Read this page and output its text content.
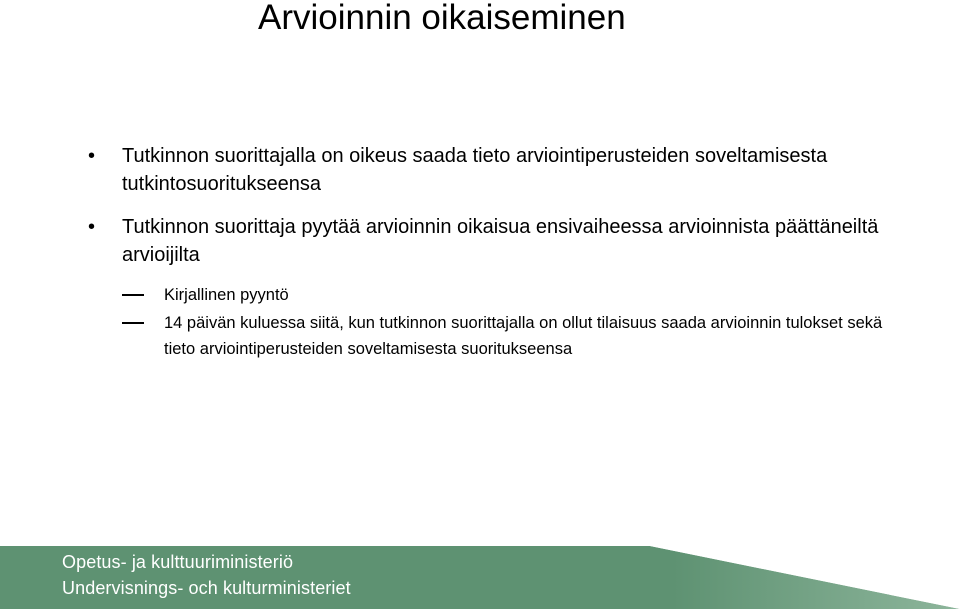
Arvioinnin oikaiseminen
• Tutkinnon suorittajalla on oikeus saada tieto arviointiperusteiden soveltamisesta tutkintosuoritukseensa
• Tutkinnon suorittaja pyytää arvioinnin oikaisua ensivaiheessa arvioinnista päättäneiltä arvioijilta
Kirjallinen pyyntö
14 päivän kuluessa siitä, kun tutkinnon suorittajalla on ollut tilaisuus saada arvioinnin tulokset sekä tieto arviointiperusteiden soveltamisesta suoritukseensa
Opetus- ja kulttuuriministeriö
Undervisnings- och kulturministeriet
